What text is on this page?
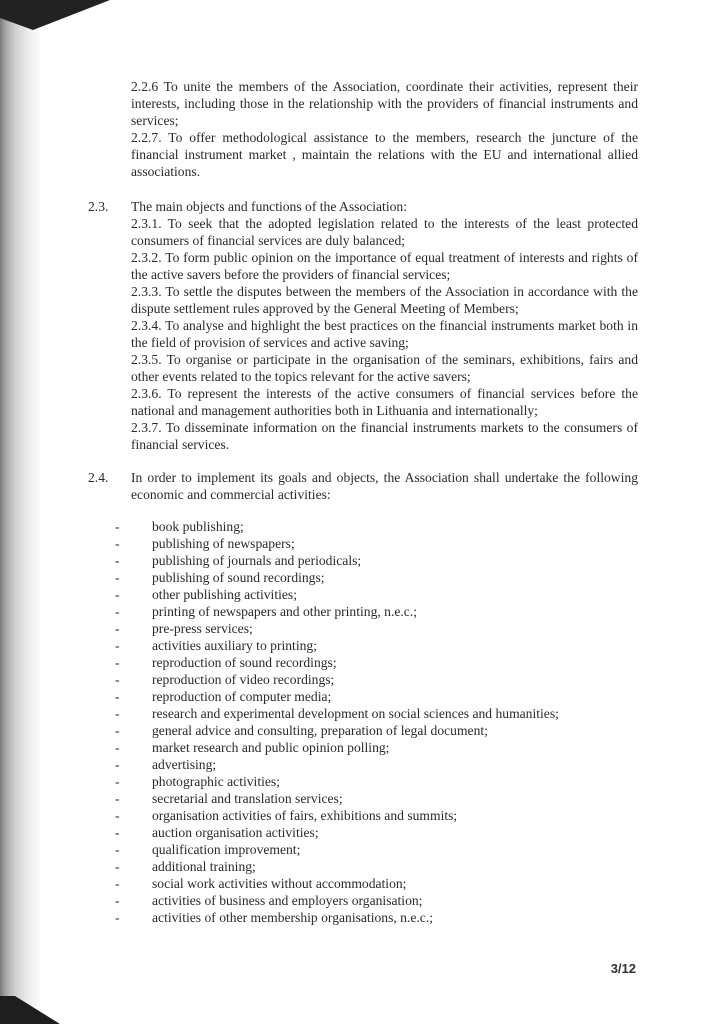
2.2.6 To unite the members of the Association, coordinate their activities, represent their interests, including those in the relationship with the providers of financial instruments and services;

2.2.7. To offer methodological assistance to the members, research the juncture of the financial instrument market , maintain the relations with the EU and international allied associations.

2.3. The main objects and functions of the Association:

2.3.1. To seek that the adopted legislation related to the interests of the least protected consumers of financial services are duly balanced;

2.3.2. To form public opinion on the importance of equal treatment of interests and rights of the active savers before the providers of financial services;

2.3.3. To settle the disputes between the members of the Association in accordance with the dispute settlement rules approved by the General Meeting of Members;

2.3.4. To analyse and highlight the best practices on the financial instruments market both in the field of provision of services and active saving;

2.3.5. To organise or participate in the organisation of the seminars, exhibitions, fairs and other events related to the topics relevant for the active savers;

2.3.6. To represent the interests of the active consumers of financial services before the national and management authorities both in Lithuania and internationally;

2.3.7. To disseminate information on the financial instruments markets to the consumers of financial services.

2.4. In order to implement its goals and objects, the Association shall undertake the following economic and commercial activities:
- book publishing;
- publishing of newspapers;
- publishing of journals and periodicals;
- publishing of sound recordings;
- other publishing activities;
- printing of newspapers and other printing, n.e.c.;
- pre-press services;
- activities auxiliary to printing;
- reproduction of sound recordings;
- reproduction of video recordings;
- reproduction of computer media;
- research and experimental development on social sciences and humanities;
- general advice and consulting, preparation of legal document;
- market research and public opinion polling;
- advertising;
- photographic activities;
- secretarial and translation services;
- organisation activities of fairs, exhibitions and summits;
- auction organisation activities;
- qualification improvement;
- additional training;
- social work activities without accommodation;
- activities of business and employers organisation;
- activities of other membership organisations, n.e.c.;
3/12
